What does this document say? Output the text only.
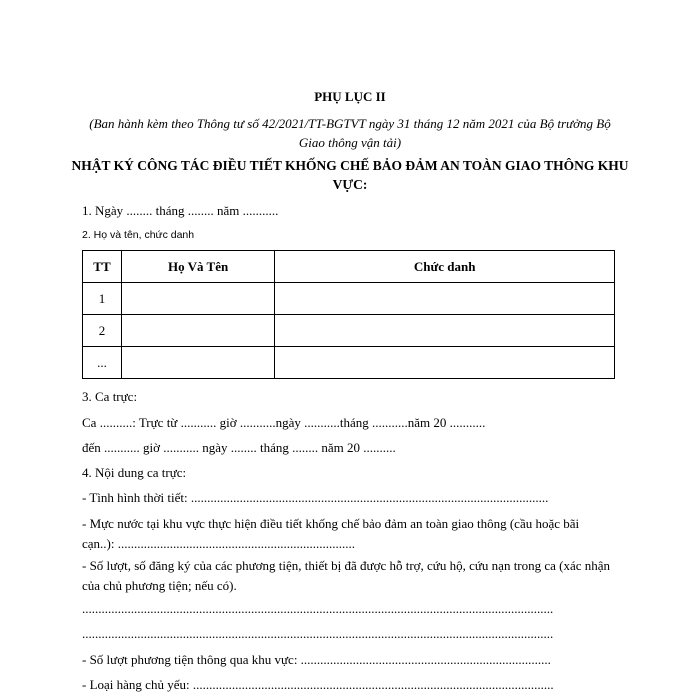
PHỤ LỤC II
(Ban hành kèm theo Thông tư số 42/2021/TT-BGTVT ngày 31 tháng 12 năm 2021 của Bộ trưởng Bộ Giao thông vận tải)
NHẬT KÝ CÔNG TÁC ĐIỀU TIẾT KHỐNG CHẾ BẢO ĐẢM AN TOÀN GIAO THÔNG KHU VỰC:
1. Ngày ........ tháng ........ năm ...........
2. Họ và tên, chức danh
TT	Họ Và Tên	Chức danh
1		
2		
...		
3. Ca trực:
Ca ..........: Trực từ ........... giờ ...........ngày ...........tháng ...........năm 20 ...........
đến ........... giờ ........... ngày ........ tháng ........ năm 20 ..........
4. Nội dung ca trực:
- Tình hình thời tiết: ..............................................................................................................
- Mực nước tại khu vực thực hiện điều tiết khống chế bảo đảm an toàn giao thông (cầu hoặc bãi cạn..): .........................................................................
- Số lượt, số đăng ký của các phương tiện, thiết bị đã được hỗ trợ, cứu hộ, cứu nạn trong ca (xác nhận của chủ phương tiện; nếu có).
.................................................................................................................................................
.................................................................................................................................................
- Số lượt phương tiện thông qua khu vực: .............................................................................
- Loại hàng chủ yếu: ...............................................................................................................
